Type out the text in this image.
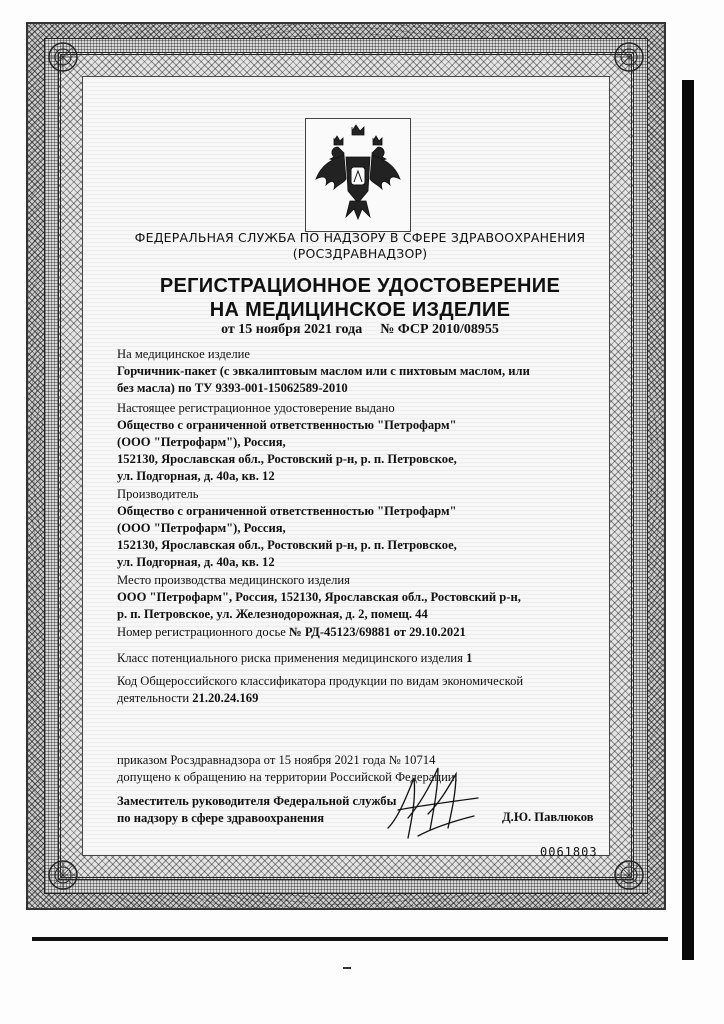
ФЕДЕРАЛЬНАЯ СЛУЖБА ПО НАДЗОРУ В СФЕРЕ ЗДРАВООХРАНЕНИЯ
(РОСЗДРАВНАДЗОР)
РЕГИСТРАЦИОННОЕ УДОСТОВЕРЕНИЕ
НА МЕДИЦИНСКОЕ ИЗДЕЛИЕ
от 15 ноября 2021 года № ФСР 2010/08955
На медицинское изделие
Горчичник-пакет (с эвкалиптовым маслом или с пихтовым маслом, или
без масла) по ТУ 9393-001-15062589-2010
Настоящее регистрационное удостоверение выдано
Общество с ограниченной ответственностью "Петрофарм"
(ООО "Петрофарм"), Россия,
152130, Ярославская обл., Ростовский р-н, р. п. Петровское,
ул. Подгорная, д. 40а, кв. 12
Производитель
Общество с ограниченной ответственностью "Петрофарм"
(ООО "Петрофарм"), Россия,
152130, Ярославская обл., Ростовский р-н, р. п. Петровское,
ул. Подгорная, д. 40а, кв. 12
Место производства медицинского изделия
ООО "Петрофарм", Россия, 152130, Ярославская обл., Ростовский р-н,
р. п. Петровское, ул. Железнодорожная, д. 2, помещ. 44
Номер регистрационного досье № РД-45123/69881 от 29.10.2021
Класс потенциального риска применения медицинского изделия 1
Код Общероссийского классификатора продукции по видам экономической
деятельности 21.20.24.169
приказом Росздравнадзора от 15 ноября 2021 года № 10714
допущено к обращению на территории Российской Федерации.
Заместитель руководителя Федеральной службы
по надзору в сфере здравоохранения	Д.Ю. Павлюков
0061803
